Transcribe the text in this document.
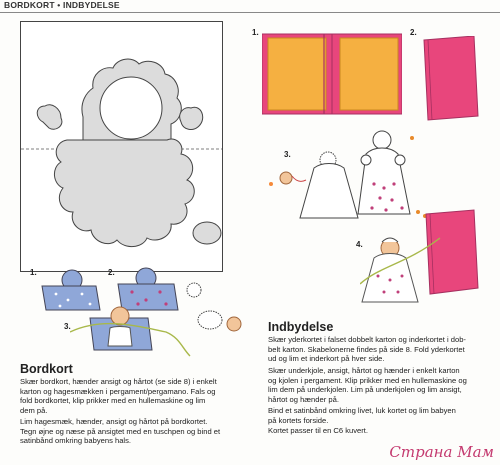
BORDKORT • INDBYDELSE
1.	2.
3.
4.
1.	2.
3.	Indbydelse
Skær yderkortet i falset dobbelt karton og inderkortet i dob-
belt karton. Skabelonerne findes på side 8. Fold yderkortet
ud og lim et inderkort på hver side.
Skær underkjole, ansigt, hårtot og hænder i enkelt karton
og kjolen i pergament. Klip prikker med en hullemaskine og
lim dem på underkjolen. Lim på underkjolen og lim ansigt,
hårtot og hænder på.
Bind et satinbånd omkring livet, luk kortet og lim babyen
på kortets forside.
Kortet passer til en C6 kuvert.
Bordkort
Skær bordkort, hænder ansigt og hårtot (se side 8) i enkelt
karton og hagesmækken i pergament/pergamano. Fals og
fold bordkortet, klip prikker med en hullemaskine og lim
dem på.
Lim hagesmæk, hænder, ansigt og hårtot på bordkortet.
Tegn øjne og næse på ansigtet med en tuschpen og bind et
satinbånd omkring babyens hals.
Страна Мам
